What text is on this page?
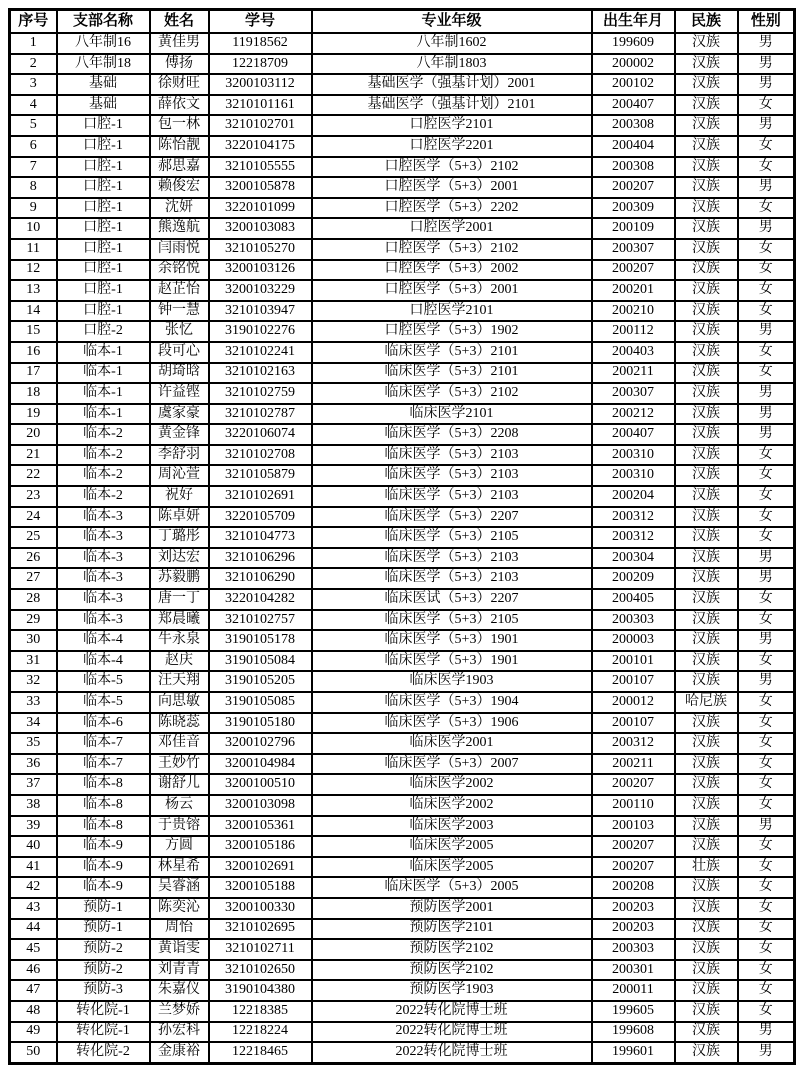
序号	支部名称	姓名	学号	专业年级	出生年月	民族	性别
1	八年制16	黄佳男	11918562	八年制1602	199609	汉族	男
2	八年制18	傅扬	12218709	八年制1803	200002	汉族	男
3	基础	徐财旺	3200103112	基础医学（强基计划）2001	200102	汉族	男
4	基础	薛依文	3210101161	基础医学（强基计划）2101	200407	汉族	女
5	口腔-1	包一林	3210102701	口腔医学2101	200308	汉族	男
6	口腔-1	陈怡靓	3220104175	口腔医学2201	200404	汉族	女
7	口腔-1	郝思嘉	3210105555	口腔医学（5+3）2102	200308	汉族	女
8	口腔-1	赖俊宏	3200105878	口腔医学（5+3）2001	200207	汉族	男
9	口腔-1	沈妍	3220101099	口腔医学（5+3）2202	200309	汉族	女
10	口腔-1	熊逸航	3200103083	口腔医学2001	200109	汉族	男
11	口腔-1	闫雨悦	3210105270	口腔医学（5+3）2102	200307	汉族	女
12	口腔-1	余铭悦	3200103126	口腔医学（5+3）2002	200207	汉族	女
13	口腔-1	赵芷怡	3200103229	口腔医学（5+3）2001	200201	汉族	女
14	口腔-1	钟一慧	3210103947	口腔医学2101	200210	汉族	女
15	口腔-2	张忆	3190102276	口腔医学（5+3）1902	200112	汉族	男
16	临本-1	段可心	3210102241	临床医学（5+3）2101	200403	汉族	女
17	临本-1	胡琦晗	3210102163	临床医学（5+3）2101	200211	汉族	女
18	临本-1	许益铿	3210102759	临床医学（5+3）2102	200307	汉族	男
19	临本-1	虞家豪	3210102787	临床医学2101	200212	汉族	男
20	临本-2	黄金锋	3220106074	临床医学（5+3）2208	200407	汉族	男
21	临本-2	李舒羽	3210102708	临床医学（5+3）2103	200310	汉族	女
22	临本-2	周沁萱	3210105879	临床医学（5+3）2103	200310	汉族	女
23	临本-2	祝好	3210102691	临床医学（5+3）2103	200204	汉族	女
24	临本-3	陈卓妍	3220105709	临床医学（5+3）2207	200312	汉族	女
25	临本-3	丁璐彤	3210104773	临床医学（5+3）2105	200312	汉族	女
26	临本-3	刘达宏	3210106296	临床医学（5+3）2103	200304	汉族	男
27	临本-3	苏毅鹏	3210106290	临床医学（5+3）2103	200209	汉族	男
28	临本-3	唐一丁	3220104282	临床医试（5+3）2207	200405	汉族	女
29	临本-3	郑晨曦	3210102757	临床医学（5+3）2105	200303	汉族	女
30	临本-4	牛永泉	3190105178	临床医学（5+3）1901	200003	汉族	男
31	临本-4	赵庆	3190105084	临床医学（5+3）1901	200101	汉族	女
32	临本-5	汪天翔	3190105205	临床医学1903	200107	汉族	男
33	临本-5	向思敏	3190105085	临床医学（5+3）1904	200012	哈尼族	女
34	临本-6	陈晓蕊	3190105180	临床医学（5+3）1906	200107	汉族	女
35	临本-7	邓佳音	3200102796	临床医学2001	200312	汉族	女
36	临本-7	王妙竹	3200104984	临床医学（5+3）2007	200211	汉族	女
37	临本-8	谢舒儿	3200100510	临床医学2002	200207	汉族	女
38	临本-8	杨云	3200103098	临床医学2002	200110	汉族	女
39	临本-8	于贵镕	3200105361	临床医学2003	200103	汉族	男
40	临本-9	方圆	3200105186	临床医学2005	200207	汉族	女
41	临本-9	林星希	3200102691	临床医学2005	200207	壮族	女
42	临本-9	吴睿涵	3200105188	临床医学（5+3）2005	200208	汉族	女
43	预防-1	陈奕沁	3200100330	预防医学2001	200203	汉族	女
44	预防-1	周怡	3210102695	预防医学2101	200203	汉族	女
45	预防-2	黄诣雯	3210102711	预防医学2102	200303	汉族	女
46	预防-2	刘青青	3210102650	预防医学2102	200301	汉族	女
47	预防-3	朱嘉仪	3190104380	预防医学1903	200011	汉族	女
48	转化院-1	兰梦娇	12218385	2022转化院博士班	199605	汉族	女
49	转化院-1	孙宏科	12218224	2022转化院博士班	199608	汉族	男
50	转化院-2	金康裕	12218465	2022转化院博士班	199601	汉族	男
